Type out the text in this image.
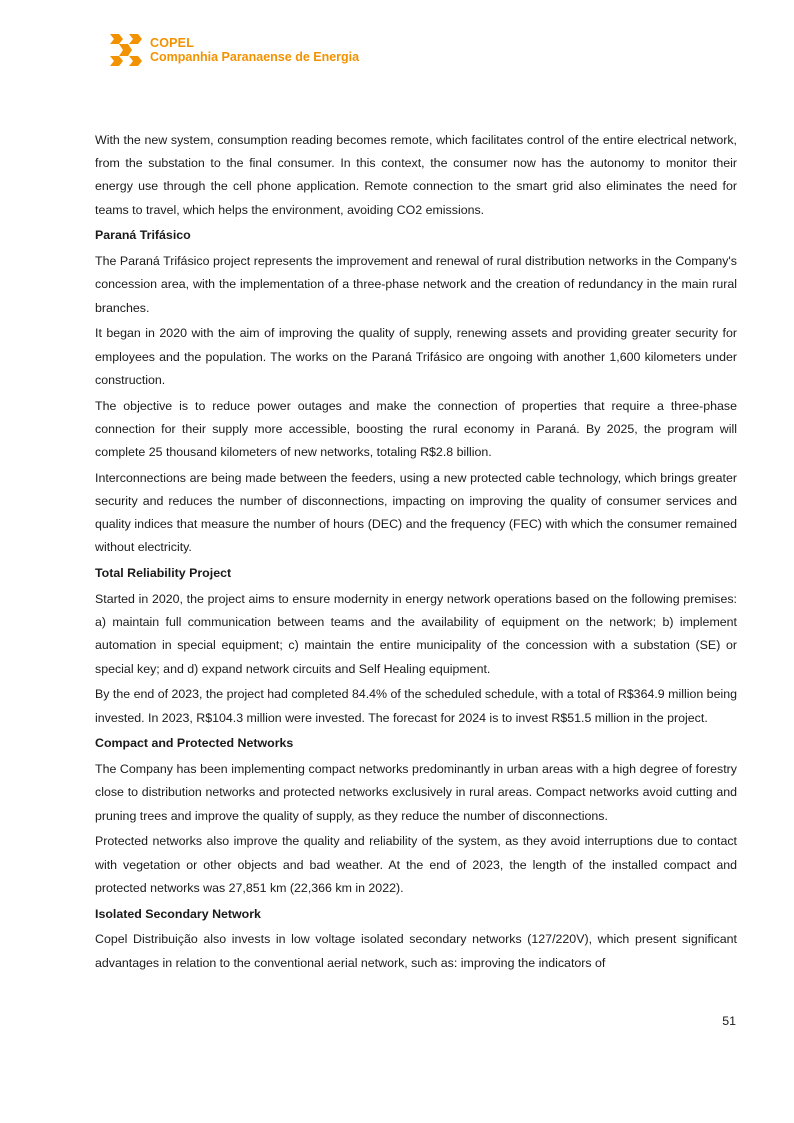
COPEL
Companhia Paranaense de Energia

With the new system, consumption reading becomes remote, which facilitates control of the entire electrical network, from the substation to the final consumer. In this context, the consumer now has the autonomy to monitor their energy use through the cell phone application. Remote connection to the smart grid also eliminates the need for teams to travel, which helps the environment, avoiding CO2 emissions.

Paraná Trifásico

The Paraná Trifásico project represents the improvement and renewal of rural distribution networks in the Company's concession area, with the implementation of a three-phase network and the creation of redundancy in the main rural branches.

It began in 2020 with the aim of improving the quality of supply, renewing assets and providing greater security for employees and the population. The works on the Paraná Trifásico are ongoing with another 1,600 kilometers under construction.

The objective is to reduce power outages and make the connection of properties that require a three-phase connection for their supply more accessible, boosting the rural economy in Paraná. By 2025, the program will complete 25 thousand kilometers of new networks, totaling R$2.8 billion.

Interconnections are being made between the feeders, using a new protected cable technology, which brings greater security and reduces the number of disconnections, impacting on improving the quality of consumer services and quality indices that measure the number of hours (DEC) and the frequency (FEC) with which the consumer remained without electricity.

Total Reliability Project

Started in 2020, the project aims to ensure modernity in energy network operations based on the following premises: a) maintain full communication between teams and the availability of equipment on the network; b) implement automation in special equipment; c) maintain the entire municipality of the concession with a substation (SE) or special key; and d) expand network circuits and Self Healing equipment.

By the end of 2023, the project had completed 84.4% of the scheduled schedule, with a total of R$364.9 million being invested. In 2023, R$104.3 million were invested. The forecast for 2024 is to invest R$51.5 million in the project.

Compact and Protected Networks

The Company has been implementing compact networks predominantly in urban areas with a high degree of forestry close to distribution networks and protected networks exclusively in rural areas. Compact networks avoid cutting and pruning trees and improve the quality of supply, as they reduce the number of disconnections.

Protected networks also improve the quality and reliability of the system, as they avoid interruptions due to contact with vegetation or other objects and bad weather. At the end of 2023, the length of the installed compact and protected networks was 27,851 km (22,366 km in 2022).

Isolated Secondary Network

Copel Distribuição also invests in low voltage isolated secondary networks (127/220V), which present significant advantages in relation to the conventional aerial network, such as: improving the indicators of

51
